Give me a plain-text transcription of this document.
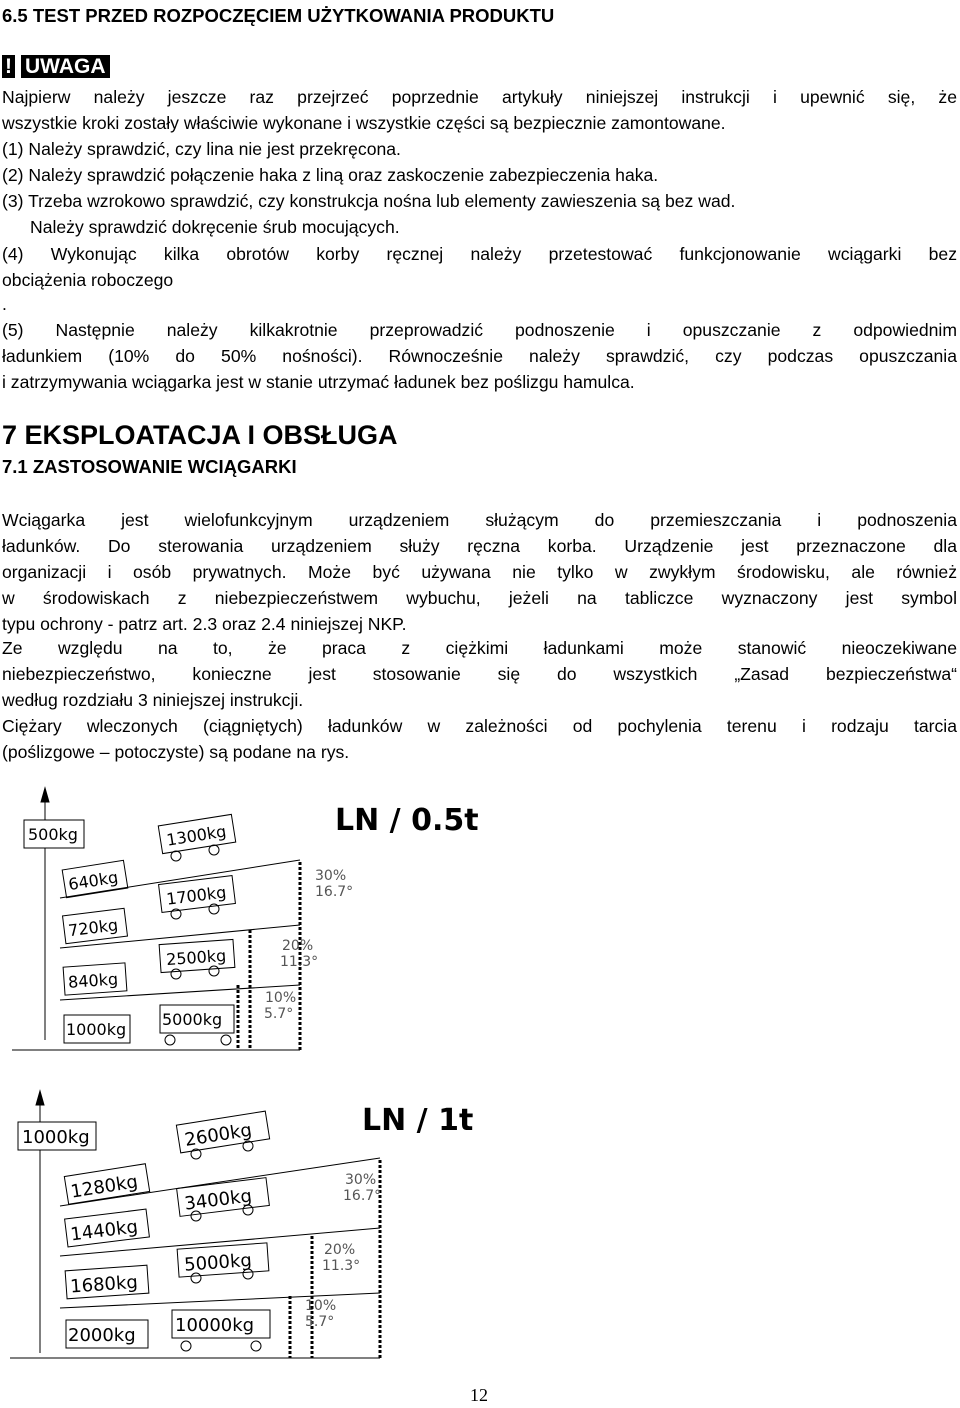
6.5 TEST PRZED ROZPOCZĘCIEM UŻYTKOWANIA PRODUKTU
! UWAGA
Najpierw należy jeszcze raz przejrzeć poprzednie artykuły niniejszej instrukcji i upewnić się, że
wszystkie kroki zostały właściwie wykonane i wszystkie części są bezpiecznie zamontowane.
(1) Należy sprawdzić, czy lina nie jest przekręcona.
(2) Należy sprawdzić połączenie haka z liną oraz zaskoczenie zabezpieczenia haka.
(3) Trzeba wzrokowo sprawdzić, czy konstrukcja nośna lub elementy zawieszenia są bez wad.
Należy sprawdzić dokręcenie śrub mocujących.
(4) Wykonując kilka obrotów korby ręcznej należy przetestować funkcjonowanie wciągarki bez
obciążenia roboczego
.
(5) Następnie należy kilkakrotnie przeprowadzić podnoszenie i opuszczanie z odpowiednim
ładunkiem (10% do 50% nośności). Równocześnie należy sprawdzić, czy podczas opuszczania
i zatrzymywania wciągarka jest w stanie utrzymać ładunek bez poślizgu hamulca.
7 EKSPLOATACJA I OBSŁUGA
7.1 ZASTOSOWANIE WCIĄGARKI
Wciągarka jest wielofunkcyjnym urządzeniem służącym do przemieszczania i podnoszenia
ładunków. Do sterowania urządzeniem służy ręczna korba. Urządzenie jest przeznaczone dla
organizacji i osób prywatnych. Może być używana nie tylko w zwykłym środowisku, ale również
w środowiskach z niebezpieczeństwem wybuchu, jeżeli na tabliczce wyznaczony jest symbol
typu ochrony - patrz art. 2.3 oraz 2.4 niniejszej NKP.
Ze względu na to, że praca z ciężkimi ładunkami może stanowić nieoczekiwane
niebezpieczeństwo, konieczne jest stosowanie się do wszystkich „Zasad bezpieczeństwa“
według rozdziału 3 niniejszej instrukcji.
Ciężary wleczonych (ciągniętych) ładunków w zależności od pochylenia terenu i rodzaju tarcia
(poślizgowe – potoczyste) są podane na rys.
500kg
640kg
720kg
840kg
1000kg
1300kg
1700kg
2500kg
5000kg
30%
16.7°
20%
11.3°
10%
5.7°
LN / 0.5t
1000kg
1280kg
1440kg
1680kg
2000kg
2600kg
3400kg
5000kg
10000kg
30%
16.7°
20%
11.3°
10%
5.7°
LN / 1t
12
